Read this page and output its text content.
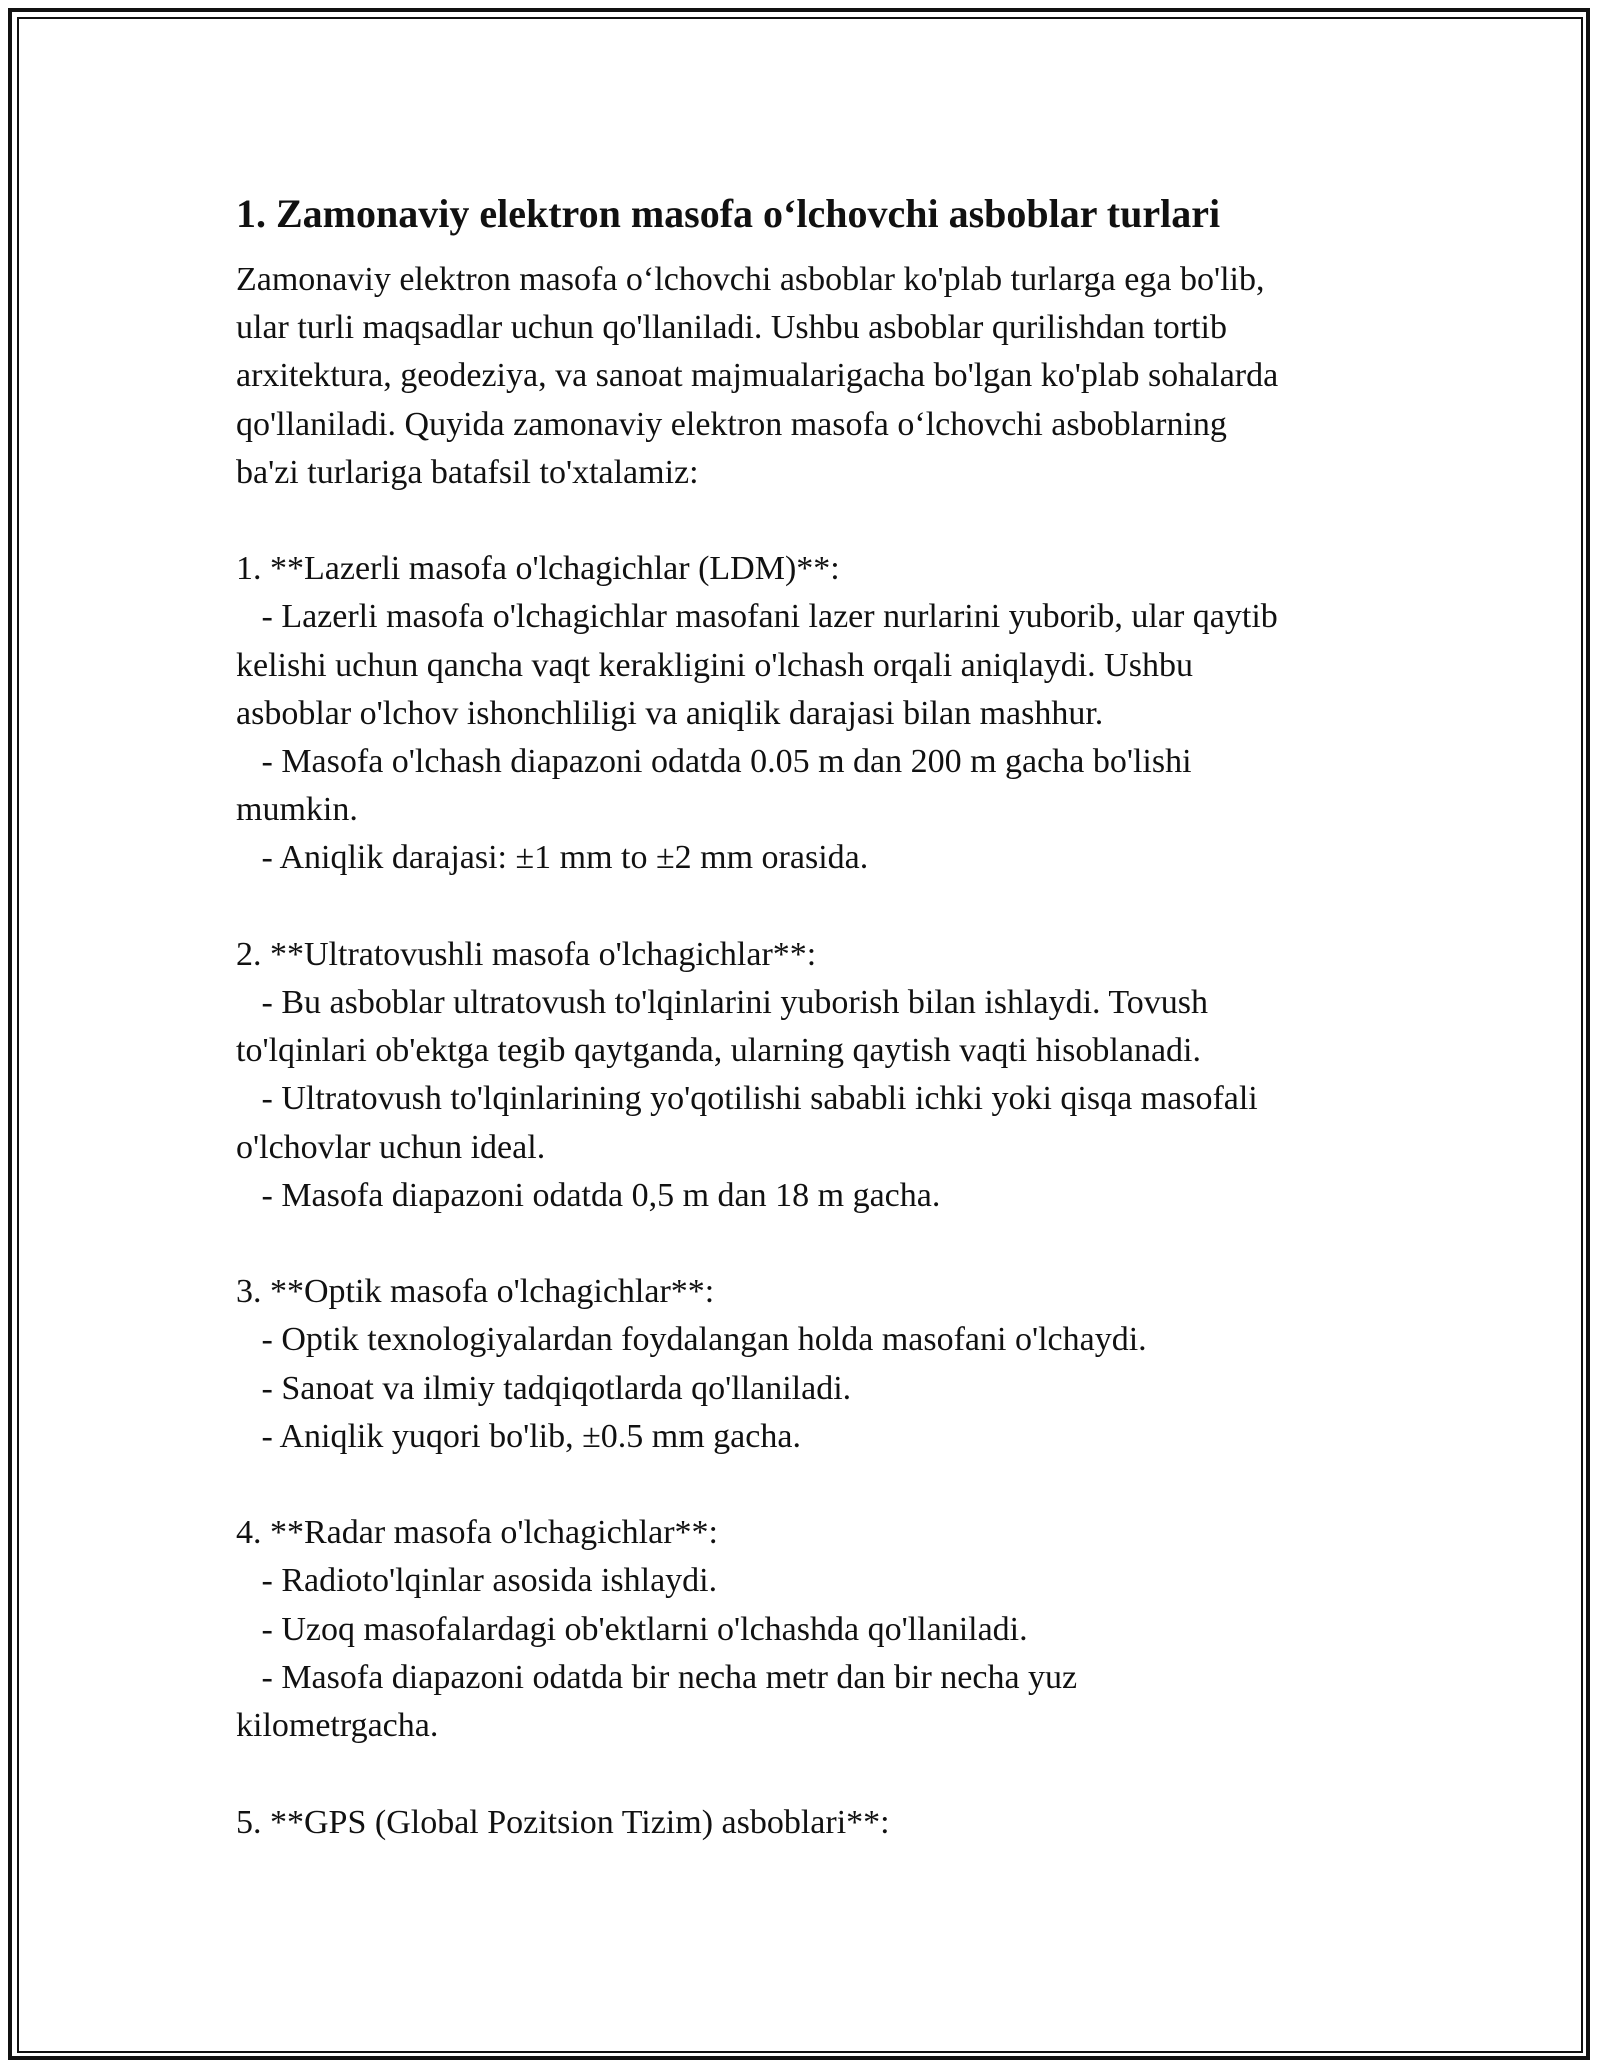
1. Zamonaviy elektron masofa oʻlchovchi asboblar turlari

Zamonaviy elektron masofa oʻlchovchi asboblar ko'plab turlarga ega bo'lib,
ular turli maqsadlar uchun qo'llaniladi. Ushbu asboblar qurilishdan tortib
arxitektura, geodeziya, va sanoat majmualarigacha bo'lgan ko'plab sohalarda
qo'llaniladi. Quyida zamonaviy elektron masofa oʻlchovchi asboblarning
ba'zi turlariga batafsil to'xtalamiz:

1. **Lazerli masofa o'lchagichlar (LDM)**:

- Lazerli masofa o'lchagichlar masofani lazer nurlarini yuborib, ular qaytib
kelishi uchun qancha vaqt kerakligini o'lchash orqali aniqlaydi. Ushbu
asboblar o'lchov ishonchliligi va aniqlik darajasi bilan mashhur.
- Masofa o'lchash diapazoni odatda 0.05 m dan 200 m gacha bo'lishi
mumkin.
- Aniqlik darajasi: ±1 mm to ±2 mm orasida.

2. **Ultratovushli masofa o'lchagichlar**:

- Bu asboblar ultratovush to'lqinlarini yuborish bilan ishlaydi. Tovush
to'lqinlari ob'ektga tegib qaytganda, ularning qaytish vaqti hisoblanadi.
- Ultratovush to'lqinlarining yo'qotilishi sababli ichki yoki qisqa masofali
o'lchovlar uchun ideal.
- Masofa diapazoni odatda 0,5 m dan 18 m gacha.

3. **Optik masofa o'lchagichlar**:

- Optik texnologiyalardan foydalangan holda masofani o'lchaydi.
- Sanoat va ilmiy tadqiqotlarda qo'llaniladi.
- Aniqlik yuqori bo'lib, ±0.5 mm gacha.

4. **Radar masofa o'lchagichlar**:

- Radioto'lqinlar asosida ishlaydi.
- Uzoq masofalardagi ob'ektlarni o'lchashda qo'llaniladi.
- Masofa diapazoni odatda bir necha metr dan bir necha yuz
kilometrgacha.

5. **GPS (Global Pozitsion Tizim) asboblari**:
